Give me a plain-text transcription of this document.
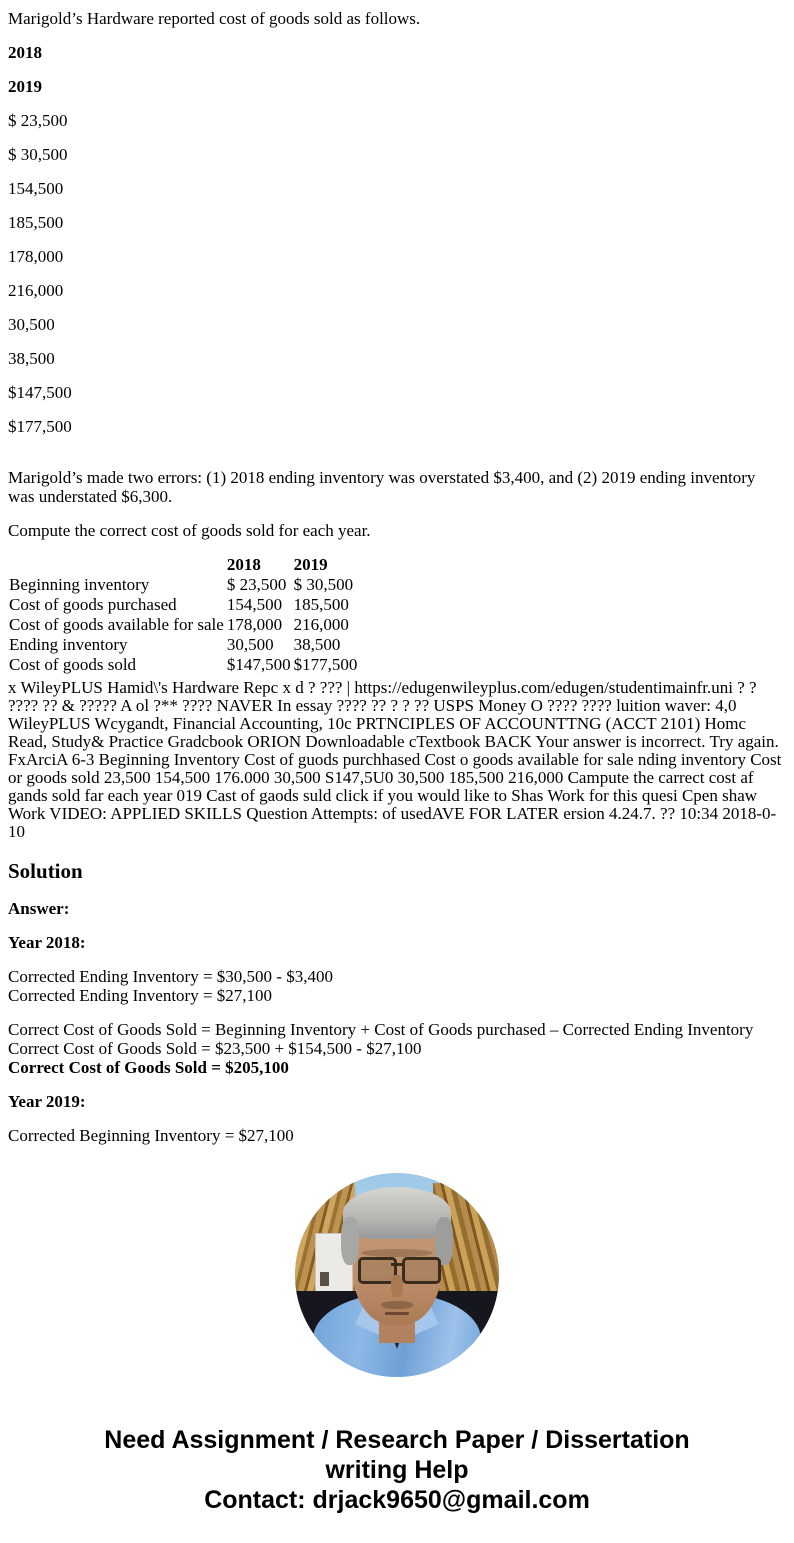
Marigold’s Hardware reported cost of goods sold as follows.

2018

2019

$ 23,500

$ 30,500

154,500

185,500

178,000

216,000

30,500

38,500

$147,500

$177,500

Marigold’s made two errors: (1) 2018 ending inventory was overstated $3,400, and (2) 2019 ending inventory was understated $6,300.

Compute the correct cost of goods sold for each year.

	2018	2019
Beginning inventory	$ 23,500	$ 30,500
Cost of goods purchased	154,500	185,500
Cost of goods available for sale	178,000	216,000
Ending inventory	30,500	38,500
Cost of goods sold	$147,500	$177,500

x WileyPLUS Hamid\'s Hardware Repc x d ? ??? | https://edugenwileyplus.com/edugen/studentimainfr.uni ? ? ???? ?? & ????? A ol ?** ???? NAVER In essay ???? ?? ? ? ?? USPS Money O ???? ???? luition waver: 4,0 WileyPLUS Wcygandt, Financial Accounting, 10c PRTNCIPLES OF ACCOUNTTNG (ACCT 2101) Homc Read, Study& Practice Gradcbook ORION Downloadable cTextbook BACK Your answer is incorrect. Try again. FxArciA 6-3 Beginning Inventory Cost of guods purchhased Cost o goods available for sale nding inventory Cost or goods sold 23,500 154,500 176.000 30,500 S147,5U0 30,500 185,500 216,000 Campute the carrect cost af gands sold far each year 019 Cast of gaods suld click if you would like to Shas Work for this quesi Cpen shaw Work VIDEO: APPLIED SKILLS Question Attempts: of usedAVE FOR LATER ersion 4.24.7. ?? 10:34 2018-0-10

Solution

Answer:

Year 2018:

Corrected Ending Inventory = $30,500 - $3,400
Corrected Ending Inventory = $27,100

Correct Cost of Goods Sold = Beginning Inventory + Cost of Goods purchased – Corrected Ending Inventory
Correct Cost of Goods Sold = $23,500 + $154,500 - $27,100
Correct Cost of Goods Sold = $205,100

Year 2019:

Corrected Beginning Inventory = $27,100

Need Assignment / Research Paper / Dissertation
writing Help
Contact: drjack9650@gmail.com
